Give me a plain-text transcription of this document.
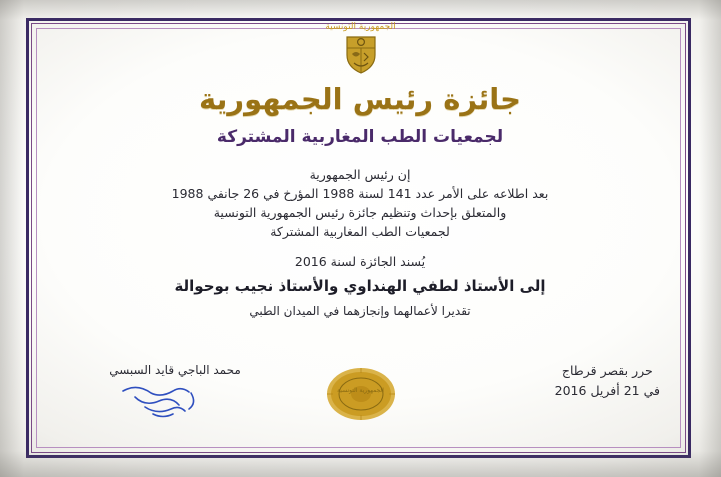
الجمهورية التونسية
جائزة رئيس الجمهورية
لجمعيات الطب المغاربية المشتركة
إن رئيس الجمهورية
بعد اطلاعه على الأمر عدد 141 لسنة 1988 المؤرخ في 26 جانفي 1988
والمتعلق بإحداث وتنظيم جائزة رئيس الجمهورية التونسية
لجمعيات الطب المغاربية المشتركة
يُسند الجائزة لسنة 2016
إلى الأستاذ لطفي الهنداوي والأستاذ نجيب بوحوالة
تقديرا لأعمالهما وإنجازهما في الميدان الطبي
حرر بقصر قرطاج
في 21 أفريل 2016
محمد الباجي قايد السبسي
الجمهورية التونسية
